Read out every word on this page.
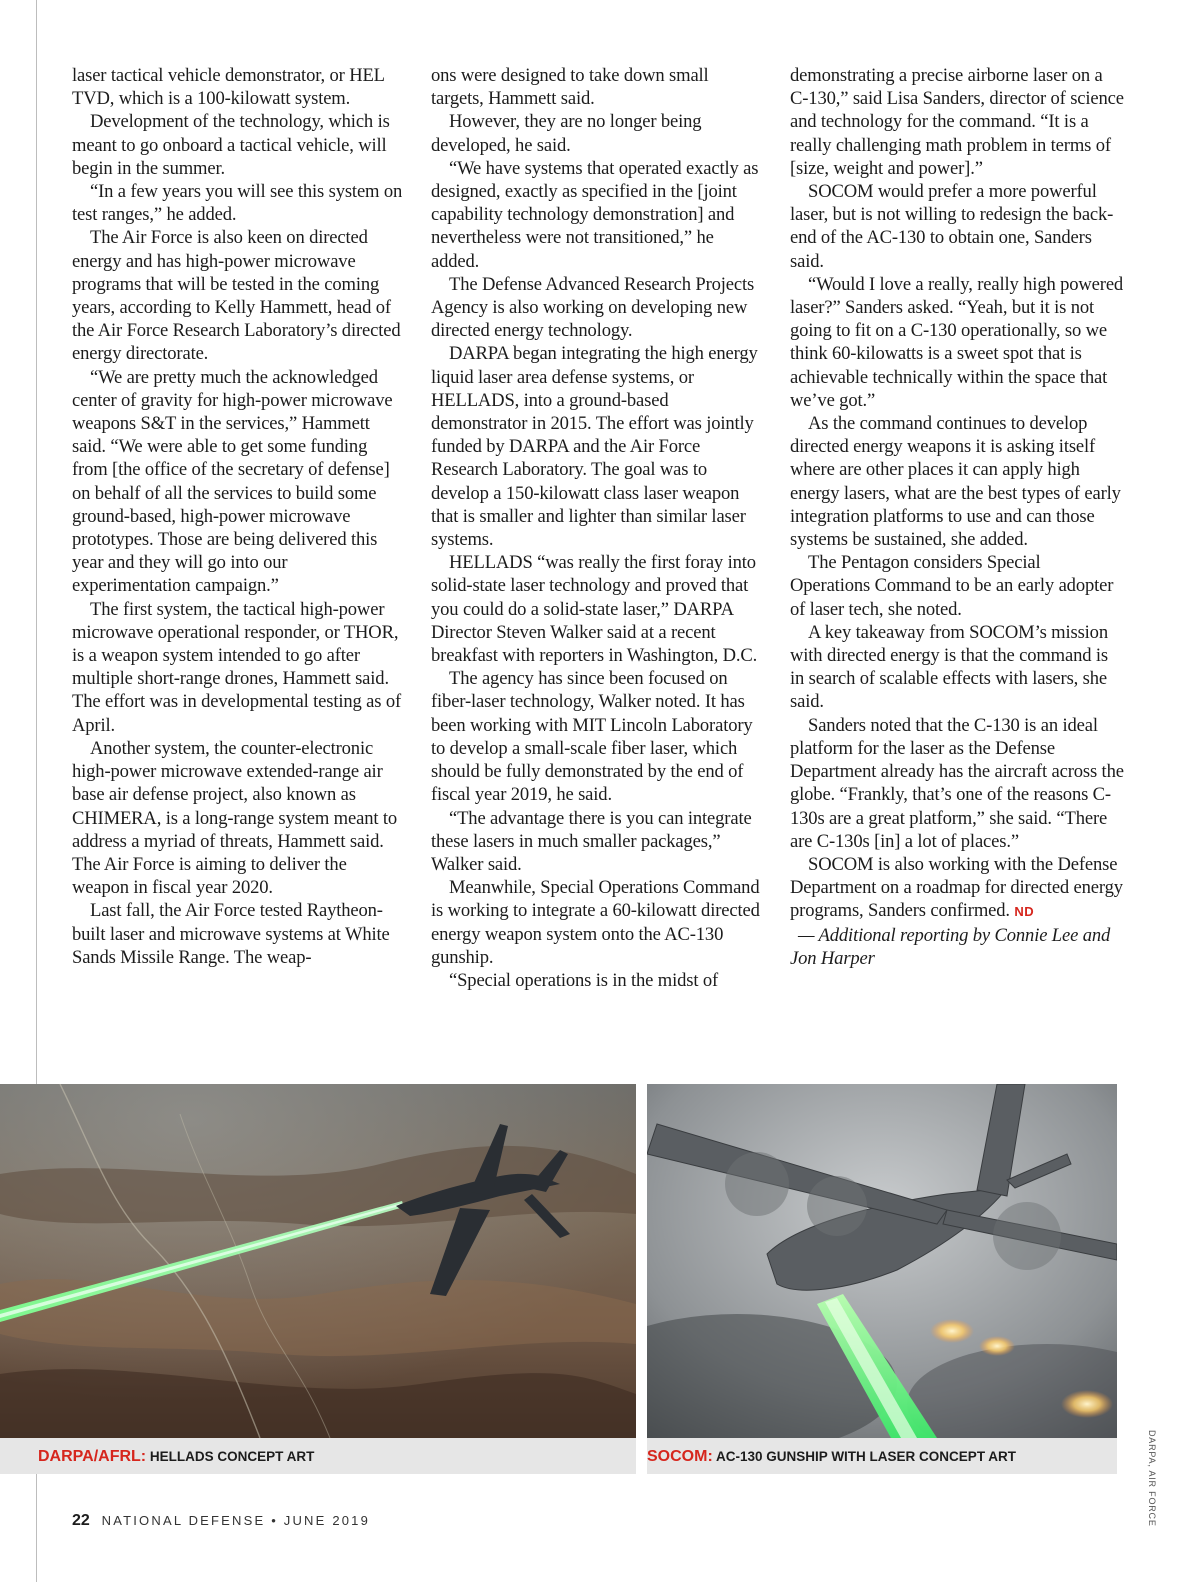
laser tactical vehicle demonstrator, or HEL TVD, which is a 100-kilowatt system.

Development of the technology, which is meant to go onboard a tactical vehicle, will begin in the summer.

“In a few years you will see this system on test ranges,” he added.

The Air Force is also keen on directed energy and has high-power microwave programs that will be tested in the coming years, according to Kelly Hammett, head of the Air Force Research Laboratory’s directed energy directorate.

“We are pretty much the acknowledged center of gravity for high-power microwave weapons S&T in the services,” Hammett said. “We were able to get some funding from [the office of the secretary of defense] on behalf of all the services to build some ground-based, high-power microwave prototypes. Those are being delivered this year and they will go into our experimentation campaign.”

The first system, the tactical high-power microwave operational responder, or THOR, is a weapon system intended to go after multiple short-range drones, Hammett said. The effort was in developmental testing as of April.

Another system, the counter-electronic high-power microwave extended-range air base air defense project, also known as CHIMERA, is a long-range system meant to address a myriad of threats, Hammett said. The Air Force is aiming to deliver the weapon in fiscal year 2020.

Last fall, the Air Force tested Raytheon-built laser and microwave systems at White Sands Missile Range. The weap-

ons were designed to take down small targets, Hammett said.

However, they are no longer being developed, he said.

“We have systems that operated exactly as designed, exactly as specified in the [joint capability technology demonstration] and nevertheless were not transitioned,” he added.

The Defense Advanced Research Projects Agency is also working on developing new directed energy technology.

DARPA began integrating the high energy liquid laser area defense systems, or HELLADS, into a ground-based demonstrator in 2015. The effort was jointly funded by DARPA and the Air Force Research Laboratory. The goal was to develop a 150-kilowatt class laser weapon that is smaller and lighter than similar laser systems.

HELLADS “was really the first foray into solid-state laser technology and proved that you could do a solid-state laser,” DARPA Director Steven Walker said at a recent breakfast with reporters in Washington, D.C.

The agency has since been focused on fiber-laser technology, Walker noted. It has been working with MIT Lincoln Laboratory to develop a small-scale fiber laser, which should be fully demonstrated by the end of fiscal year 2019, he said.

“The advantage there is you can integrate these lasers in much smaller packages,” Walker said.

Meanwhile, Special Operations Command is working to integrate a 60-kilowatt directed energy weapon system onto the AC-130 gunship.

“Special operations is in the midst of

demonstrating a precise airborne laser on a C-130,” said Lisa Sanders, director of science and technology for the command. “It is a really challenging math problem in terms of [size, weight and power].”

SOCOM would prefer a more powerful laser, but is not willing to redesign the back-end of the AC-130 to obtain one, Sanders said.

“Would I love a really, really high powered laser?” Sanders asked. “Yeah, but it is not going to fit on a C-130 operationally, so we think 60-kilowatts is a sweet spot that is achievable technically within the space that we’ve got.”

As the command continues to develop directed energy weapons it is asking itself where are other places it can apply high energy lasers, what are the best types of early integration platforms to use and can those systems be sustained, she added.

The Pentagon considers Special Operations Command to be an early adopter of laser tech, she noted.

A key takeaway from SOCOM’s mission with directed energy is that the command is in search of scalable effects with lasers, she said.

Sanders noted that the C-130 is an ideal platform for the laser as the Defense Department already has the aircraft across the globe. “Frankly, that’s one of the reasons C-130s are a great platform,” she said. “There are C-130s [in] a lot of places.”

SOCOM is also working with the Defense Department on a roadmap for directed energy programs, Sanders confirmed. ND

— Additional reporting by Connie Lee and Jon Harper

DARPA/AFRL: HELLADS CONCEPT ART	SOCOM: AC-130 GUNSHIP WITH LASER CONCEPT ART	DARPA, AIR FORCE
22 NATIONAL DEFENSE • JUNE 2019
